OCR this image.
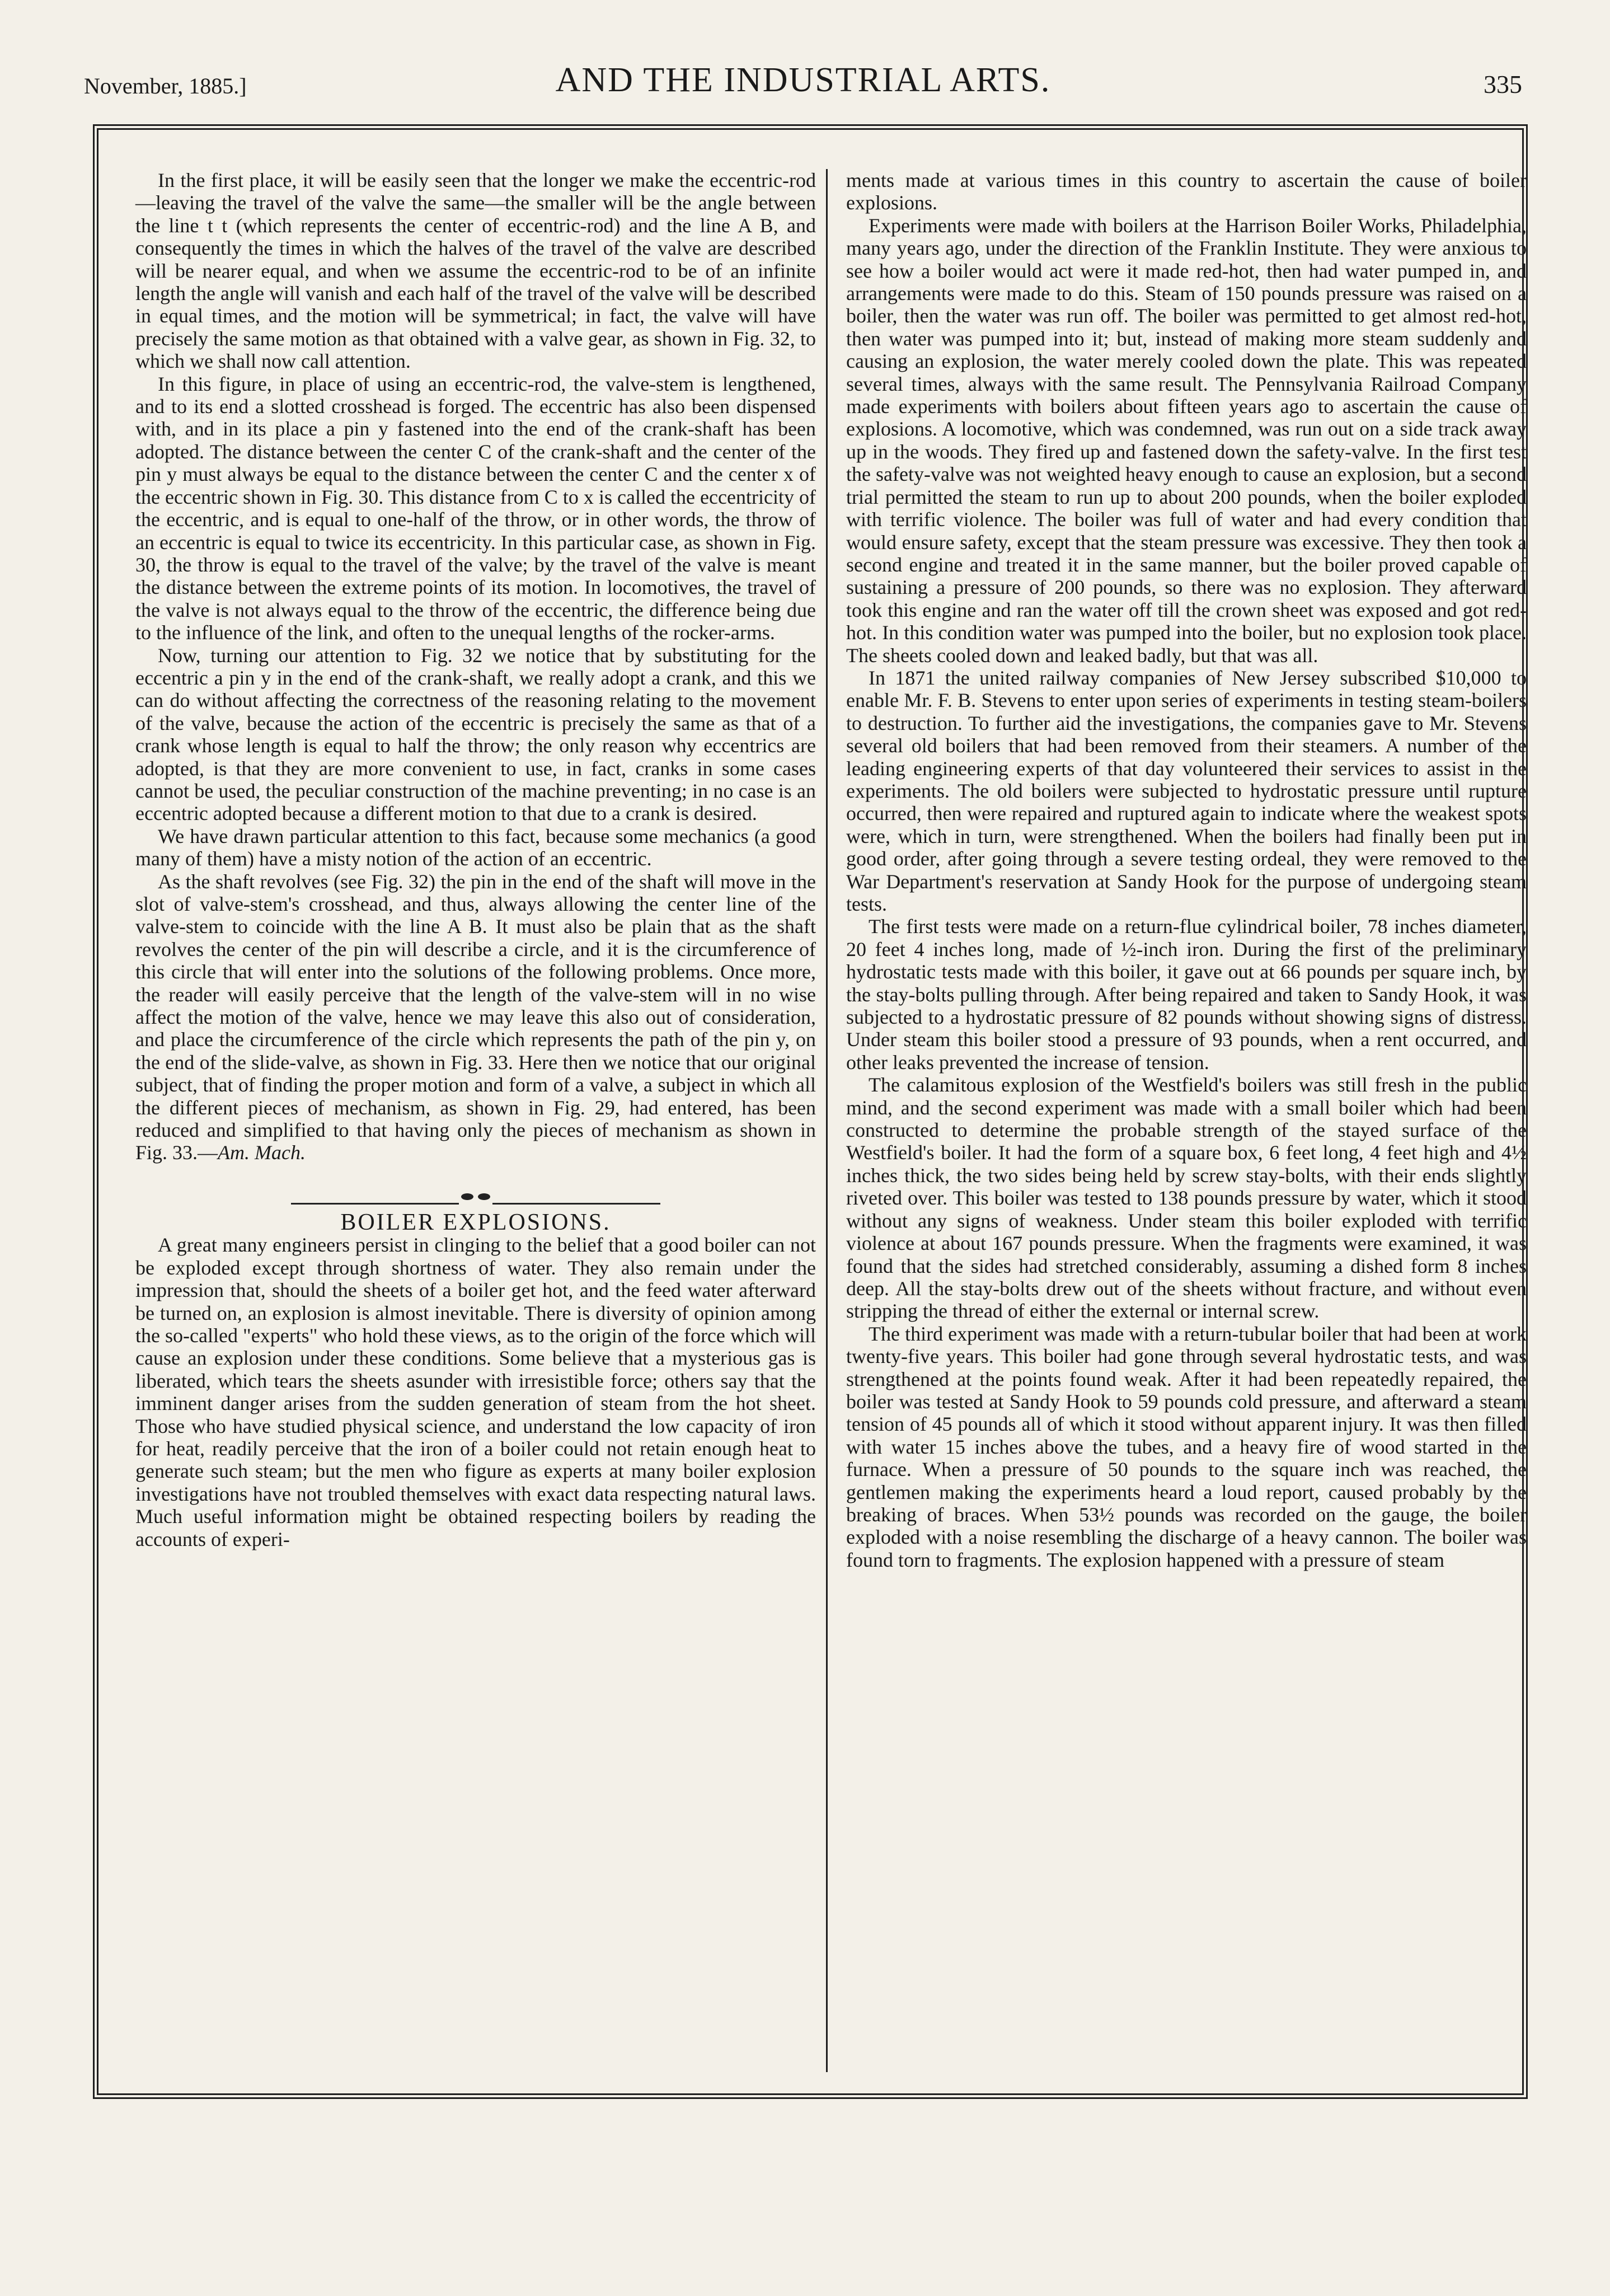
November, 1885.]	AND THE INDUSTRIAL ARTS.	335

In the first place, it will be easily seen that the longer we make the eccentric-rod—leaving the travel of the valve the same—the smaller will be the angle between the line t t (which represents the center of eccentric-rod) and the line A B, and consequently the times in which the halves of the travel of the valve are described will be nearer equal, and when we assume the eccentric-rod to be of an infinite length the angle will vanish and each half of the travel of the valve will be described in equal times, and the motion will be symmetrical; in fact, the valve will have precisely the same motion as that obtained with a valve gear, as shown in Fig. 32, to which we shall now call attention.

In this figure, in place of using an eccentric-rod, the valve-stem is lengthened, and to its end a slotted crosshead is forged. The eccentric has also been dispensed with, and in its place a pin y fastened into the end of the crank-shaft has been adopted. The distance between the center C of the crank-shaft and the center of the pin y must always be equal to the distance between the center C and the center x of the eccentric shown in Fig. 30. This distance from C to x is called the eccentricity of the eccentric, and is equal to one-half of the throw, or in other words, the throw of an eccentric is equal to twice its eccentricity. In this particular case, as shown in Fig. 30, the throw is equal to the travel of the valve; by the travel of the valve is meant the distance between the extreme points of its motion. In locomotives, the travel of the valve is not always equal to the throw of the eccentric, the difference being due to the influence of the link, and often to the unequal lengths of the rocker-arms.

Now, turning our attention to Fig. 32 we notice that by substituting for the eccentric a pin y in the end of the crank-shaft, we really adopt a crank, and this we can do without affecting the correctness of the reasoning relating to the movement of the valve, because the action of the eccentric is precisely the same as that of a crank whose length is equal to half the throw; the only reason why eccentrics are adopted, is that they are more convenient to use, in fact, cranks in some cases cannot be used, the peculiar construction of the machine preventing; in no case is an eccentric adopted because a different motion to that due to a crank is desired.

We have drawn particular attention to this fact, because some mechanics (a good many of them) have a misty notion of the action of an eccentric.

As the shaft revolves (see Fig. 32) the pin in the end of the shaft will move in the slot of valve-stem's crosshead, and thus, always allowing the center line of the valve-stem to coincide with the line A B. It must also be plain that as the shaft revolves the center of the pin will describe a circle, and it is the circumference of this circle that will enter into the solutions of the following problems. Once more, the reader will easily perceive that the length of the valve-stem will in no wise affect the motion of the valve, hence we may leave this also out of consideration, and place the circumference of the circle which represents the path of the pin y, on the end of the slide-valve, as shown in Fig. 33. Here then we notice that our original subject, that of finding the proper motion and form of a valve, a subject in which all the different pieces of mechanism, as shown in Fig. 29, had entered, has been reduced and simplified to that having only the pieces of mechanism as shown in Fig. 33.—Am. Mach.

BOILER EXPLOSIONS.

A great many engineers persist in clinging to the belief that a good boiler can not be exploded except through shortness of water. They also remain under the impression that, should the sheets of a boiler get hot, and the feed water afterward be turned on, an explosion is almost inevitable. There is diversity of opinion among the so-called "experts" who hold these views, as to the origin of the force which will cause an explosion under these conditions. Some believe that a mysterious gas is liberated, which tears the sheets asunder with irresistible force; others say that the imminent danger arises from the sudden generation of steam from the hot sheet. Those who have studied physical science, and understand the low capacity of iron for heat, readily perceive that the iron of a boiler could not retain enough heat to generate such steam; but the men who figure as experts at many boiler explosion investigations have not troubled themselves with exact data respecting natural laws. Much useful information might be obtained respecting boilers by reading the accounts of experi-

ments made at various times in this country to ascertain the cause of boiler explosions.

Experiments were made with boilers at the Harrison Boiler Works, Philadelphia, many years ago, under the direction of the Franklin Institute. They were anxious to see how a boiler would act were it made red-hot, then had water pumped in, and arrangements were made to do this. Steam of 150 pounds pressure was raised on a boiler, then the water was run off. The boiler was permitted to get almost red-hot, then water was pumped into it; but, instead of making more steam suddenly and causing an explosion, the water merely cooled down the plate. This was repeated several times, always with the same result. The Pennsylvania Railroad Company made experiments with boilers about fifteen years ago to ascertain the cause of explosions. A locomotive, which was condemned, was run out on a side track away up in the woods. They fired up and fastened down the safety-valve. In the first test the safety-valve was not weighted heavy enough to cause an explosion, but a second trial permitted the steam to run up to about 200 pounds, when the boiler exploded with terrific violence. The boiler was full of water and had every condition that would ensure safety, except that the steam pressure was excessive. They then took a second engine and treated it in the same manner, but the boiler proved capable of sustaining a pressure of 200 pounds, so there was no explosion. They afterward took this engine and ran the water off till the crown sheet was exposed and got red-hot. In this condition water was pumped into the boiler, but no explosion took place. The sheets cooled down and leaked badly, but that was all.

In 1871 the united railway companies of New Jersey subscribed $10,000 to enable Mr. F. B. Stevens to enter upon series of experiments in testing steam-boilers to destruction. To further aid the investigations, the companies gave to Mr. Stevens several old boilers that had been removed from their steamers. A number of the leading engineering experts of that day volunteered their services to assist in the experiments. The old boilers were subjected to hydrostatic pressure until rupture occurred, then were repaired and ruptured again to indicate where the weakest spots were, which in turn, were strengthened. When the boilers had finally been put in good order, after going through a severe testing ordeal, they were removed to the War Department's reservation at Sandy Hook for the purpose of undergoing steam tests.

The first tests were made on a return-flue cylindrical boiler, 78 inches diameter, 20 feet 4 inches long, made of ½-inch iron. During the first of the preliminary hydrostatic tests made with this boiler, it gave out at 66 pounds per square inch, by the stay-bolts pulling through. After being repaired and taken to Sandy Hook, it was subjected to a hydrostatic pressure of 82 pounds without showing signs of distress. Under steam this boiler stood a pressure of 93 pounds, when a rent occurred, and other leaks prevented the increase of tension.

The calamitous explosion of the Westfield's boilers was still fresh in the public mind, and the second experiment was made with a small boiler which had been constructed to determine the probable strength of the stayed surface of the Westfield's boiler. It had the form of a square box, 6 feet long, 4 feet high and 4½ inches thick, the two sides being held by screw stay-bolts, with their ends slightly riveted over. This boiler was tested to 138 pounds pressure by water, which it stood without any signs of weakness. Under steam this boiler exploded with terrific violence at about 167 pounds pressure. When the fragments were examined, it was found that the sides had stretched considerably, assuming a dished form 8 inches deep. All the stay-bolts drew out of the sheets without fracture, and without even stripping the thread of either the external or internal screw.

The third experiment was made with a return-tubular boiler that had been at work twenty-five years. This boiler had gone through several hydrostatic tests, and was strengthened at the points found weak. After it had been repeatedly repaired, the boiler was tested at Sandy Hook to 59 pounds cold pressure, and afterward a steam tension of 45 pounds all of which it stood without apparent injury. It was then filled with water 15 inches above the tubes, and a heavy fire of wood started in the furnace. When a pressure of 50 pounds to the square inch was reached, the gentlemen making the experiments heard a loud report, caused probably by the breaking of braces. When 53½ pounds was recorded on the gauge, the boiler exploded with a noise resembling the discharge of a heavy cannon. The boiler was found torn to fragments. The explosion happened with a pressure of steam
